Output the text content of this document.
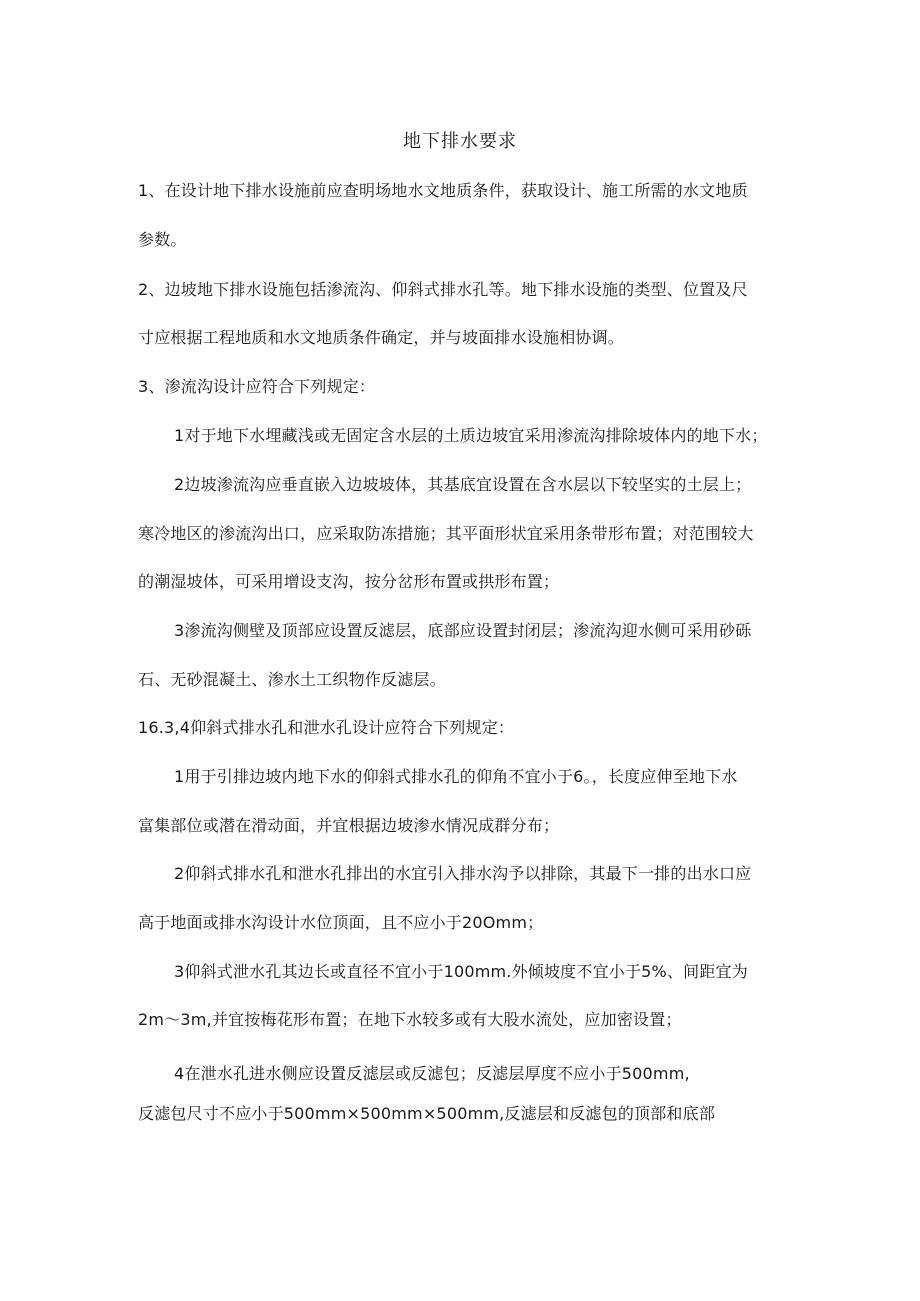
地下排水要求
1、在设计地下排水设施前应查明场地水文地质条件，获取设计、施工所需的水文地质
参数。
2、边坡地下排水设施包括渗流沟、仰斜式排水孔等。地下排水设施的类型、位置及尺
寸应根据工程地质和水文地质条件确定，并与坡面排水设施相协调。
3、渗流沟设计应符合下列规定：
1对于地下水埋藏浅或无固定含水层的土质边坡宜采用渗流沟排除坡体内的地下水；
2边坡渗流沟应垂直嵌入边坡坡体，其基底宜设置在含水层以下较坚实的土层上；
寒冷地区的渗流沟出口，应采取防冻措施；其平面形状宜采用条带形布置；对范围较大
的潮湿坡体，可采用增设支沟，按分岔形布置或拱形布置；
3渗流沟侧壁及顶部应设置反滤层，底部应设置封闭层；渗流沟迎水侧可采用砂砾
石、无砂混凝土、渗水土工织物作反滤层。
16.3,4仰斜式排水孔和泄水孔设计应符合下列规定：
1用于引排边坡内地下水的仰斜式排水孔的仰角不宜小于6。，长度应伸至地下水
富集部位或潜在滑动面，并宜根据边坡渗水情况成群分布；
2仰斜式排水孔和泄水孔排出的水宜引入排水沟予以排除，其最下一排的出水口应
高于地面或排水沟设计水位顶面，且不应小于20Omm；
3仰斜式泄水孔其边长或直径不宜小于100mm.外倾坡度不宜小于5%、间距宜为
2m～3m,并宜按梅花形布置；在地下水较多或有大股水流处，应加密设置；
4在泄水孔进水侧应设置反滤层或反滤包；反滤层厚度不应小于500mm,
反滤包尺寸不应小于500mm×500mm×500mm,反滤层和反滤包的顶部和底部
